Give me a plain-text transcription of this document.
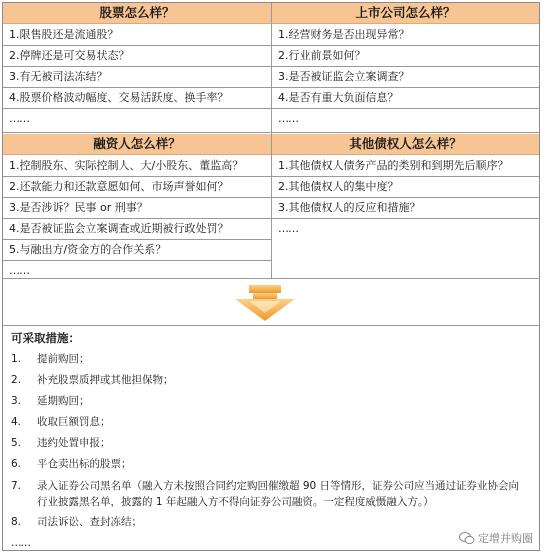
股票怎么样？
1.限售股还是流通股？
2.停牌还是可交易状态？
3.有无被司法冻结？
4.股票价格波动幅度、交易活跃度、换手率？
……
上市公司怎么样？
1.经营财务是否出现异常？
2.行业前景如何？
3.是否被证监会立案调查？
4.是否有重大负面信息？
……
融资人怎么样？
1.控制股东、实际控制人、大/小股东、董监高？
2.还款能力和还款意愿如何、市场声誉如何？
3.是否涉诉？民事 or 刑事？
4.是否被证监会立案调查或近期被行政处罚？
5.与融出方/资金方的合作关系？
……
其他债权人怎么样？
1.其他债权人债务产品的类别和到期先后顺序？
2.其他债权人的集中度？
3.其他债权人的反应和措施？
……
可采取措施：
1. 提前购回；
2. 补充股票质押或其他担保物；
3. 延期购回；
4. 收取巨额罚息；
5. 违约处置申报；
6. 平仓卖出标的股票；
7. 录入证券公司黑名单（融入方未按照合同约定购回催缴超 90 日等情形，证券公司应当通过证券业协会向行业披露黑名单，披露的 1 年起融入方不得向证券公司融资。一定程度威慑融入方。）
8. 司法诉讼、查封冻结；
……	定增并购圈
